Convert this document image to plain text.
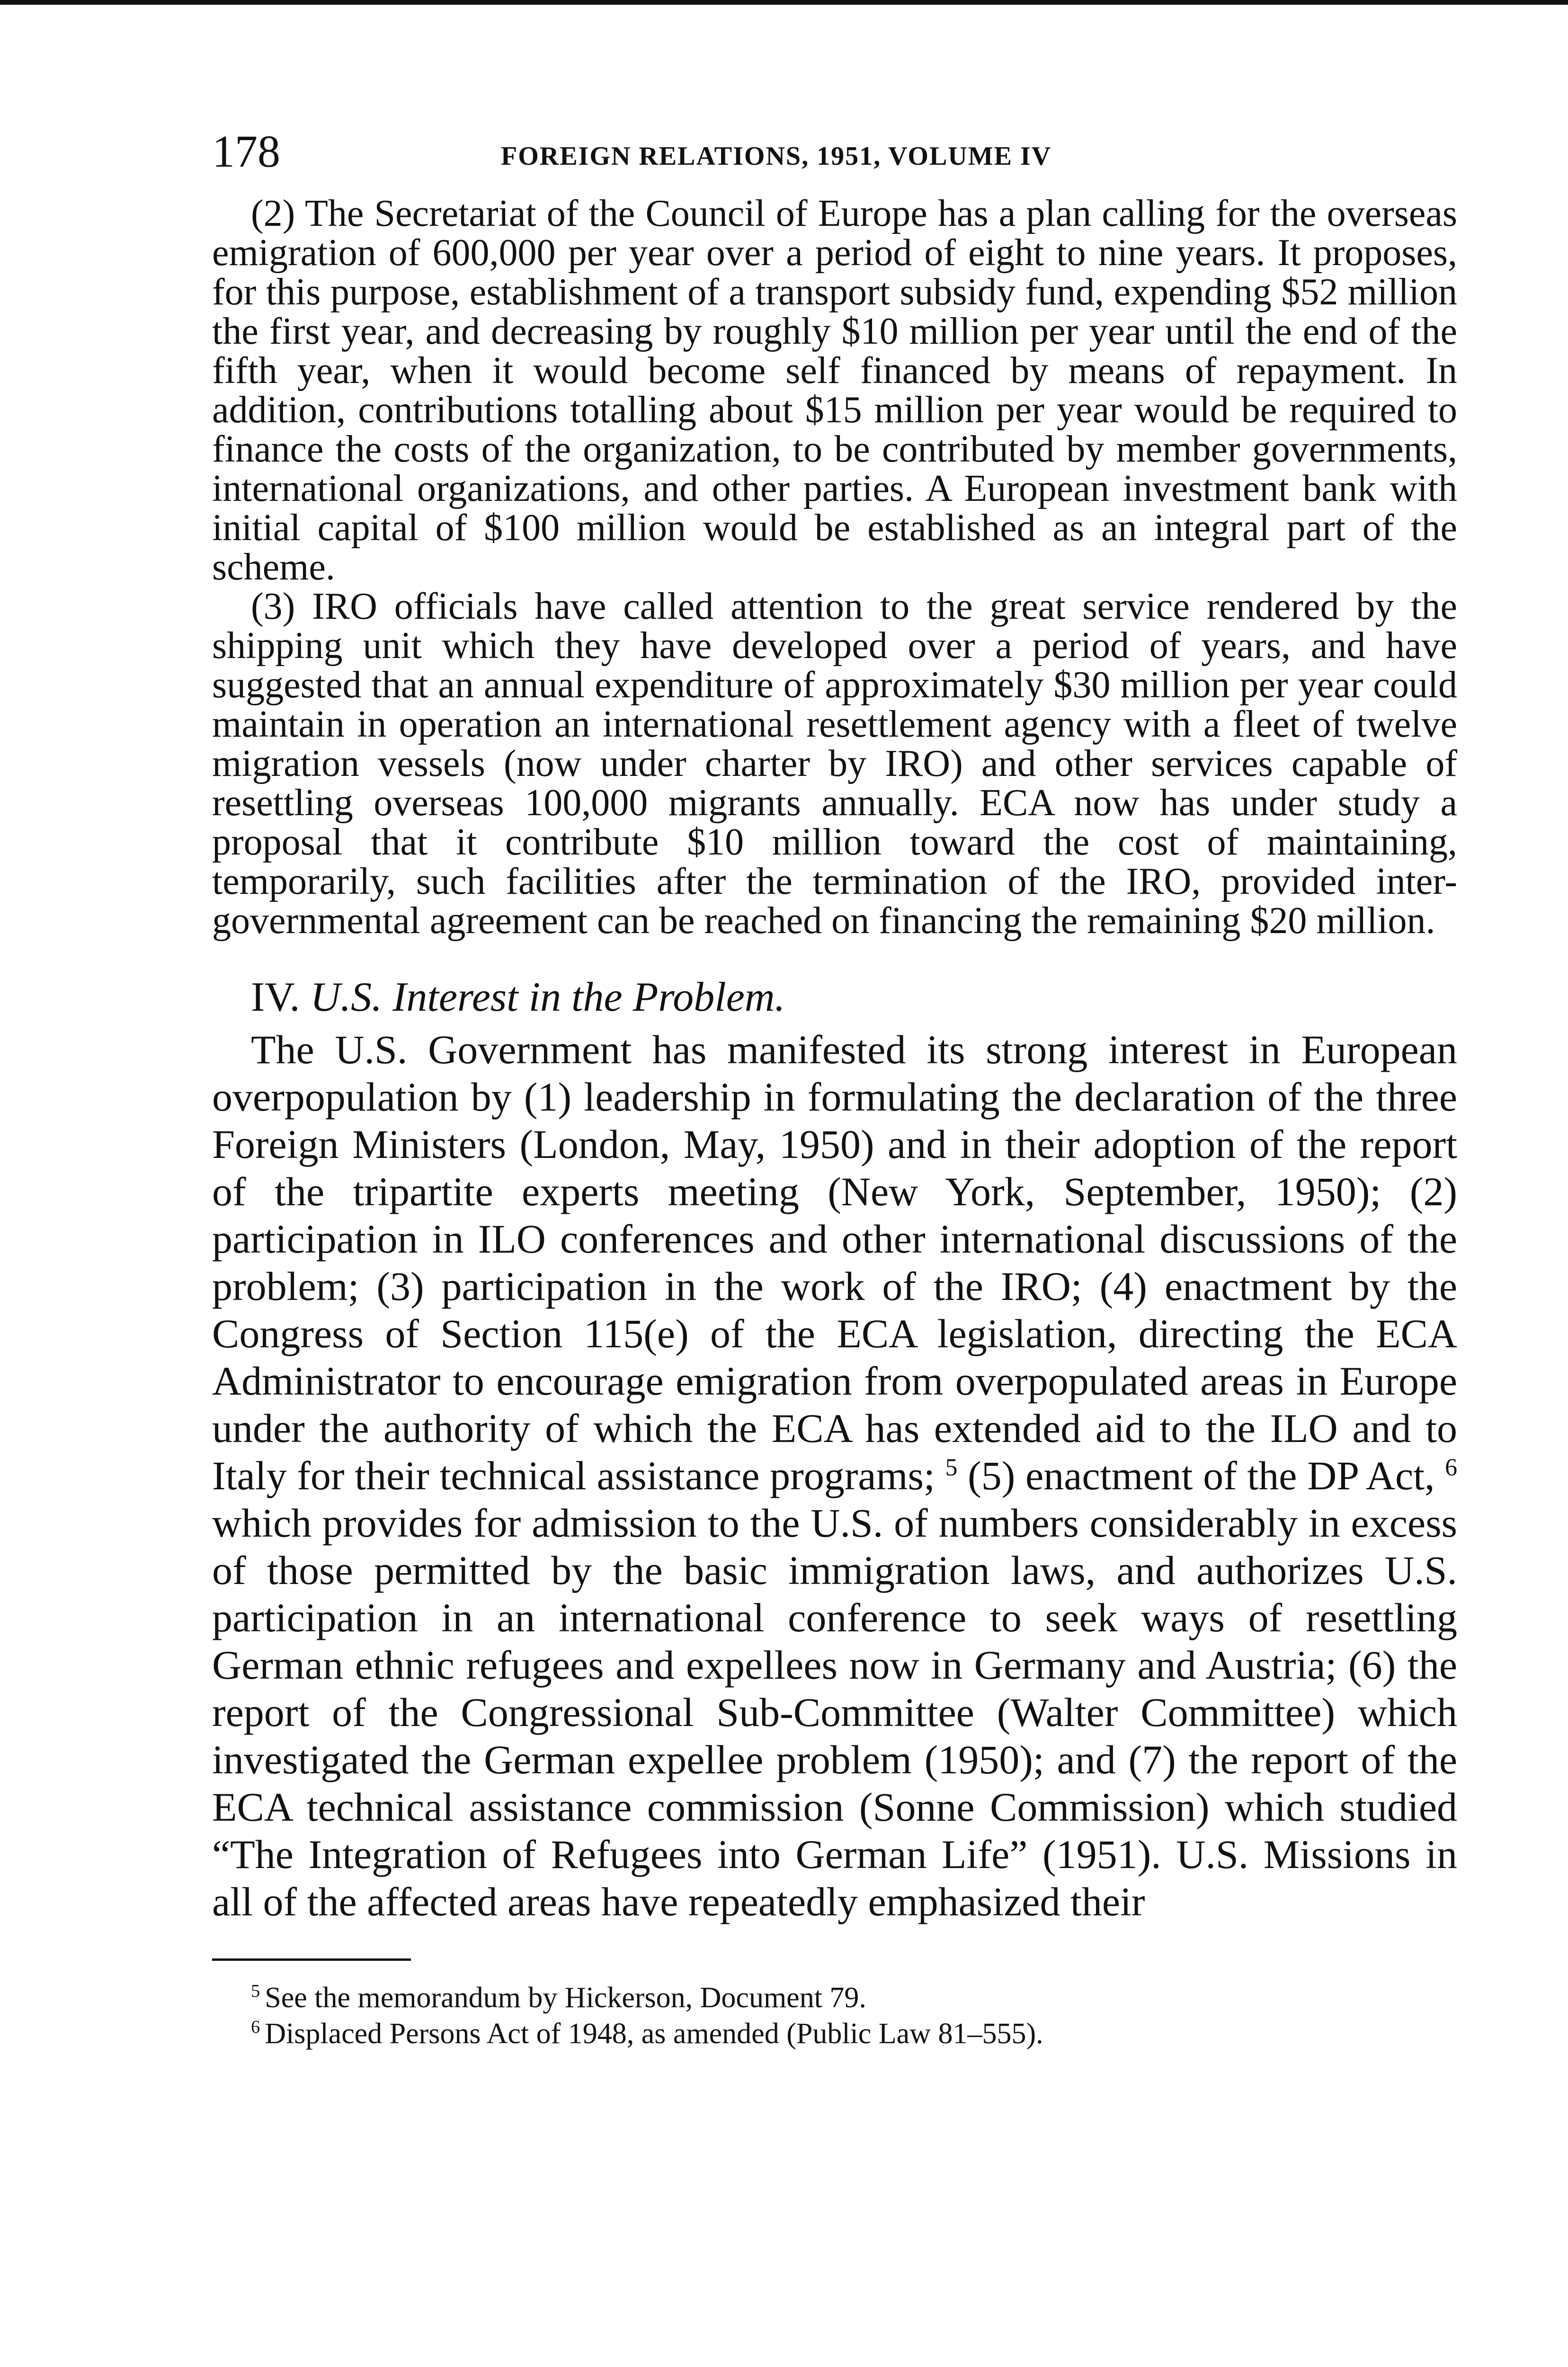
178	FOREIGN RELATIONS, 1951, VOLUME IV

(2) The Secretariat of the Council of Europe has a plan calling for the overseas emigration of 600,000 per year over a period of eight to nine years. It proposes, for this purpose, establishment of a transport subsidy fund, expending $52 million the first year, and decreasing by roughly $10 million per year until the end of the fifth year, when it would become self financed by means of repayment. In addition, contributions totalling about $15 million per year would be required to finance the costs of the organization, to be contributed by member governments, international organizations, and other parties. A European investment bank with initial capital of $100 million would be established as an integral part of the scheme.

(3) IRO officials have called attention to the great service rendered by the shipping unit which they have developed over a period of years, and have suggested that an annual expenditure of approximately $30 million per year could maintain in operation an international resettlement agency with a fleet of twelve migration vessels (now under charter by IRO) and other services capable of resettling overseas 100,000 migrants annually. ECA now has under study a proposal that it contribute $10 million toward the cost of maintaining, temporarily, such facilities after the termination of the IRO, provided inter-governmental agreement can be reached on financing the remaining $20 million.

IV. U.S. Interest in the Problem.

The U.S. Government has manifested its strong interest in European overpopulation by (1) leadership in formulating the declaration of the three Foreign Ministers (London, May, 1950) and in their adoption of the report of the tripartite experts meeting (New York, September, 1950); (2) participation in ILO conferences and other international discussions of the problem; (3) participation in the work of the IRO; (4) enactment by the Congress of Section 115(e) of the ECA legislation, directing the ECA Administrator to encourage emigration from overpopulated areas in Europe under the authority of which the ECA has extended aid to the ILO and to Italy for their technical assistance programs; $^5$ (5) enactment of the DP Act, $^6$ which provides for admission to the U.S. of numbers considerably in excess of those permitted by the basic immigration laws, and authorizes U.S. participation in an international conference to seek ways of resettling German ethnic refugees and expellees now in Germany and Austria; (6) the report of the Congressional Sub-Committee (Walter Committee) which investigated the German expellee problem (1950); and (7) the report of the ECA technical assistance commission (Sonne Commission) which studied “The Integration of Refugees into German Life” (1951). U.S. Missions in all of the affected areas have repeatedly emphasized their

$^5$ See the memorandum by Hickerson, Document 79.

$^6$ Displaced Persons Act of 1948, as amended (Public Law 81–555).
